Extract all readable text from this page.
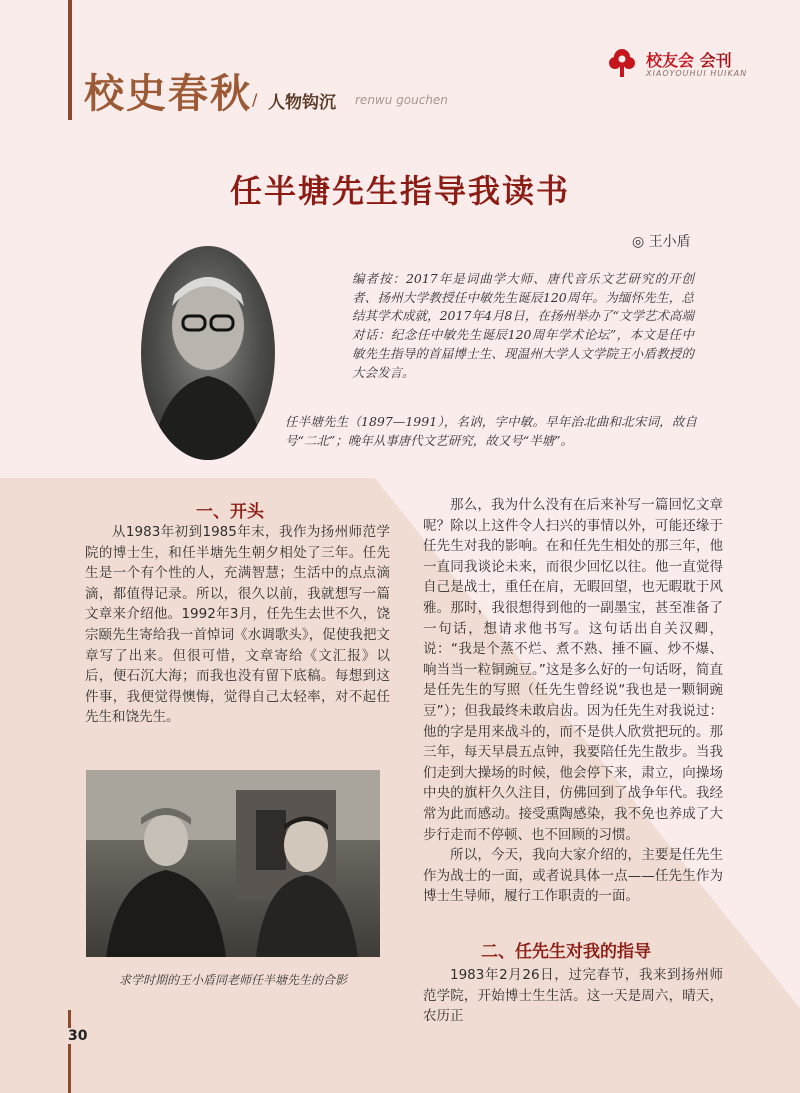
校史春秋 / 人物钩沉 renwu gouchen
校友会 会刊
XIAOYOUHUI HUIKAN
任半塘先生指导我读书
◎ 王小盾
编者按：2017年是词曲学大师、唐代音乐文艺研究的开创者、扬州大学教授任中敏先生诞辰120周年。为缅怀先生，总结其学术成就，2017年4月8日，在扬州举办了“文学艺术高端对话：纪念任中敏先生诞辰120周年学术论坛”，本文是任中敏先生指导的首届博士生、现温州大学人文学院王小盾教授的大会发言。
任半塘先生（1897—1991），名讷，字中敏。早年治北曲和北宋词，故自号“二北”；晚年从事唐代文艺研究，故又号“半塘”。
一、开头

从1983年初到1985年末，我作为扬州师范学院的博士生，和任半塘先生朝夕相处了三年。任先生是一个有个性的人，充满智慧；生活中的点点滴滴，都值得记录。所以，很久以前，我就想写一篇文章来介绍他。1992年3月，任先生去世不久，饶宗颐先生寄给我一首悼词《水调歌头》，促使我把文章写了出来。但很可惜，文章寄给《文汇报》以后，便石沉大海；而我也没有留下底稿。每想到这件事，我便觉得懊悔，觉得自己太轻率，对不起任先生和饶先生。

那么，我为什么没有在后来补写一篇回忆文章呢？除以上这件令人扫兴的事情以外，可能还缘于任先生对我的影响。在和任先生相处的那三年，他一直同我谈论未来，而很少回忆以往。他一直觉得自己是战士，重任在肩，无暇回望，也无暇耽于风雅。那时，我很想得到他的一副墨宝，甚至准备了一句话，想请求他书写。这句话出自关汉卿，说：“我是个蒸不烂、煮不熟、捶不匾、炒不爆、响当当一粒铜豌豆。”这是多么好的一句话呀，简直是任先生的写照（任先生曾经说“我也是一颗铜豌豆”）；但我最终未敢启齿。因为任先生对我说过：他的字是用来战斗的，而不是供人欣赏把玩的。那三年，每天早晨五点钟，我要陪任先生散步。当我们走到大操场的时候，他会停下来，肃立，向操场中央的旗杆久久注目，仿佛回到了战争年代。我经常为此而感动。接受熏陶感染，我不免也养成了大步行走而不停顿、也不回顾的习惯。

所以，今天，我向大家介绍的，主要是任先生作为战士的一面，或者说具体一点——任先生作为博士生导师，履行工作职责的一面。

二、任先生对我的指导

1983年2月26日，过完春节，我来到扬州师范学院，开始博士生生活。这一天是周六，晴天，农历正

求学时期的王小盾同老师任半塘先生的合影
30
